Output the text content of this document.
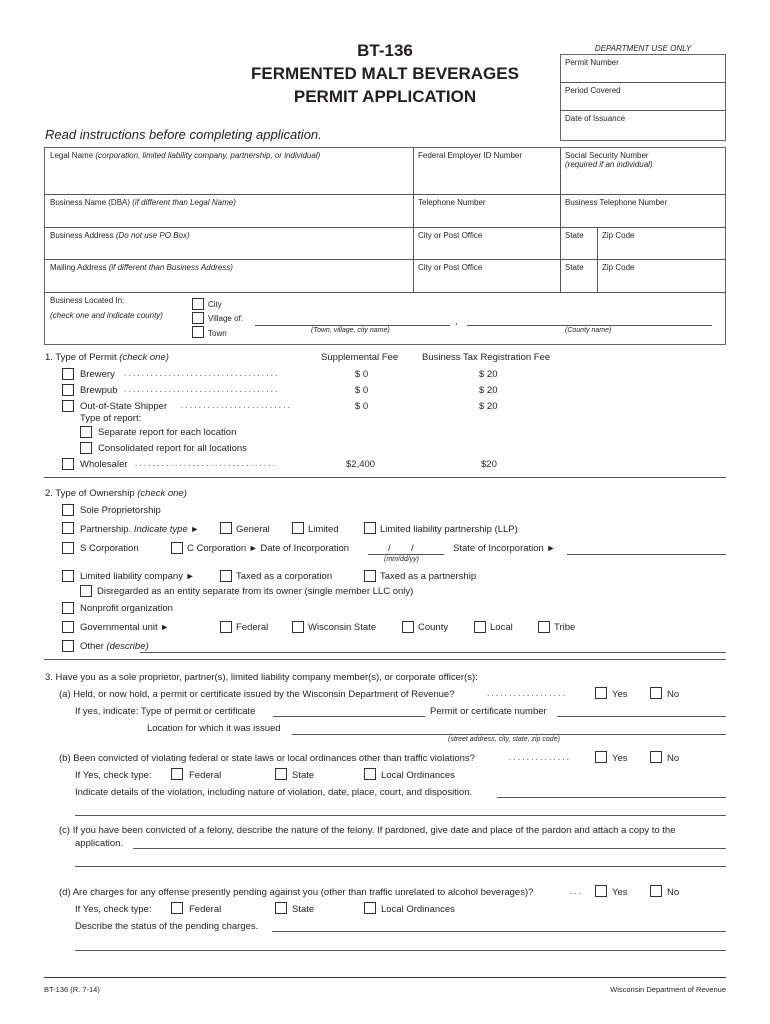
BT-136
FERMENTED MALT BEVERAGES
PERMIT APPLICATION
Read instructions before completing application.
DEPARTMENT USE ONLY
Permit Number
Period Covered
Date of Issuance
Legal Name (corporation, limited liability company, partnership, or individual)	Federal Employer ID Number	Social Security Number
(required if an individual)
Business Name (DBA) (if different than Legal Name)	Telephone Number	Business Telephone Number
Business Address (Do not use PO Box)	City or Post Office	State Zip Code
Mailing Address (if different than Business Address)	City or Post Office	State Zip Code
Business Located In:
(check one and indicate county)
City
Village of:
Town
,
(Town, village, city name)	(County name)
1. Type of Permit (check one)	Supplemental Fee	Business Tax Registration Fee
Brewery . . . . . . . . . . . . . . . . . . . . . . . . . . . . . . . . . . .	$ 0	$ 20
Brewpub . . . . . . . . . . . . . . . . . . . . . . . . . . . . . . . . . . .	$ 0	$ 20
Out-of-State Shipper . . . . . . . . . . . . . . . . . . . . . . . . .	$ 0	$ 20
Type of report:
Separate report for each location
Consolidated report for all locations
Wholesaler . . . . . . . . . . . . . . . . . . . . . . . . . . . . . . . .	$2,400	$20
2. Type of Ownership (check one)
Sole Proprietorship
Partnership. Indicate type ►	General	Limited	Limited liability partnership (LLP)
S Corporation	C Corporation ► Date of Incorporation	/ /
(mm/dd/yy)
State of Incorporation ►
Limited liability company ►	Taxed as a corporation	Taxed as a partnership
Disregarded as an entity separate from its owner (single member LLC only)
Nonprofit organization
Governmental unit ►	Federal	Wisconsin State	County	Local	Tribe
Other (describe)
3. Have you as a sole proprietor, partner(s), limited liability company member(s), or corporate officer(s):
(a) Held, or now hold, a permit or certificate issued by the Wisconsin Department of Revenue?	. . . . . . . . . . . . . . . . . .	Yes	No
If yes, indicate: Type of permit or certificate	Permit or certificate number
Location for which it was issued
(street address, city, state, zip code)
(b) Been convicted of violating federal or state laws or local ordinances other than traffic violations?	. . . . . . . . . . . . . .	Yes	No
If Yes, check type:	Federal	State	Local Ordinances
Indicate details of the violation, including nature of violation, date, place, court, and disposition.
(c) If you have been convicted of a felony, describe the nature of the felony. If pardoned, give date and place of the pardon and attach a copy to the
application.
(d) Are charges for any offense presently pending against you (other than traffic unrelated to alcohol beverages)?	. . .	Yes	No
If Yes, check type:	Federal	State	Local Ordinances
Describe the status of the pending charges.
BT-136 (R. 7-14)	Wisconsin Department of Revenue
